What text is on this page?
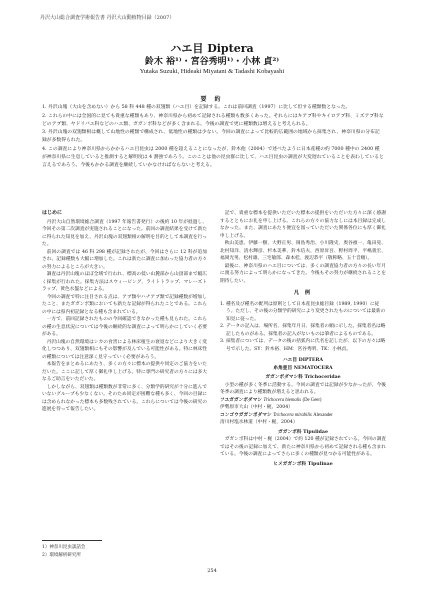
丹沢大山総合調査学術報告書 丹沢大山動植物目録（2007）
ハエ目 Diptera
鈴木 裕¹⁾・宮谷秀明¹⁾・小林 貞²⁾
Yutaka Suzuki, Hideaki Miyatani & Tadashi Kobayashi
要 約

1. 丹沢山塊（大山を含めない）から 58 科 448 種の双翅類（ハエ目）を記録する。これは前回調査（1997）に比して但する種類数となった。

2. これらの中には全国的に見ても貴重な種類もあり、神奈川県から初めて記録される種類も数多くあった。それらにはキアブ科やキイロアブ科、ミズアブ科などのアブ類、ヤドリバエ科などのハエ類、ガガンボ科などが多く含まれる。今後の調査で更に種類数は増えると考えられる。

3. 丹沢山塊の双翅類相は概して山地性の種類で構成され、低地性の種類は少ない。今回の調査によって比較的広範囲の地域から採集され、神奈川県の分布記録が多数得られた。

4. この調査により神奈川県からかかるハエ目昆虫は 2000 種を超えることになったが、鈴木他（2004）で述べたように日本産種の約 7000 種中の 2400 種が神奈川県に生息していると推測すると解明度は 4 割強であろう。このことは他の昆虫群に比して、ハエ目昆虫の調査が大変遅れていることを表わしていると言えるであろう。今後もかかる調査を継続していかなければならないと考える。

はじめに

丹沢大山自然環境総合調査（1997 年報告書発行）の後約 10 年が経過し、今回その第二次調査が実施されることになった。前回の調査結果を受けて新たに得られた知見を加え、丹沢山塊の双翅類相の解明を目的として本調査を行った。

前回の調査では 46 科 298 種が記録されたが、今回はさらに 12 科が追加され、記録種数も大幅に増加した。これは新たに調査に加わった協力者の方々の努力によるところが大きい。

調査は丹沢山塊のほぼ全域で行われ、標高の低い山麓部から山頂部まで幅広く採集が行われた。採集方法はスウィーピング、ライトトラップ、マレーズトラップ、黄色水盤などによる。

今回の調査で特に注目される点は、アブ類やハナアブ類で記録種数が増加したこと、またガガンボ類においても新たな記録が得られたことである。これらの中には県内初記録となる種も含まれている。

一方で、前回記録されたものの今回確認できなかった種も見られた。これらの種の生息状況については今後の継続的な調査によって明らかにしていく必要がある。

丹沢山塊の自然環境はシカの食害による林床植生の衰退などにより大きく変化しつつあり、双翅類相にもその影響が及んでいる可能性がある。特に林床性の種類については注意深く見守っていく必要があろう。

本報告をまとめるにあたり、多くの方々に標本の提供や同定のご協力をいただいた。ここに記して厚く御礼申し上げる。特に専門の研究者の方々には多大なるご助言をいただいた。

しかしながら、双翅類は種類数が非常に多く、分類学的研究が十分に進んでいないグループも少なくない。そのため同定が困難な種も多く、今回の目録には含められなかった標本も多数残されている。これらについては今後の研究の進展を待って報告したい。

記で、貴重な標本を提供いただいた標本の提供をいただいた方々に深く感謝するとともにお礼を申し上げる。これらの方々の協力なしには本目録は完成しなかった。また、調査にあたり便宜を図っていただいた関係各位にも厚く御礼申し上げる。

秋山美恵、伊藤一樹、大野正男、岡島秀治、小川隆史、奥谷禎一、亀田晃、北村知洋、清水輝彦、杉本美華、鈴木信夫、西原昇吾、野村周平、平嶋義宏、福岡光男、松村雄、三宅敏郎、森本桂、渡辺恭平（敬称略、五十音順）。

最後に、神奈川県のハエ目については、多くの調査協力者の方々の長い年月に渡る努力によって明らかになってきた。今後もその努力が継続されることを期待したい。

凡 例
1. 種名及び種名の配列は原則として日本産昆虫総目録（1989, 1990）に従う。ただし、その後の分類学的研究により変更されたものについては最新の知見に従った。
2. データの記入は、場所名、採集年月日、採集者の順に示した。採集者名は略記したものがある。採集者の記入がないものは筆者によるものである。
3. 採集者については、データの後の括弧内に氏名を記したが、以下の方々は略号で示した。SY：鈴木裕、HM：宮谷秀明、TK：小林貞。
ハエ目 DIPTERA
糸角亜目 NEMATOCERA
ガガンボダマシ科 Trichoceridae

小型の種が多く冬季に活動する。今回の調査では記録が少なかったが、今後冬季の調査により種類数が増えると思われる。

フユガガンボダマシ Trichocera hiemalis (De Geer)
伊勢原市大山（中村・梶、2004）
コンゴウガガンボダマシ Trichocera mirabilis Alexander
清川村塩水林道（中村・梶、2004）
ガガンボ科 Tipulidae

ガガンボ科は中村・梶（2004）で約 120 種が記録されている。今回の調査ではその後の記録に加えて、新たに神奈川県から初めて記録される種も含まれている。今後の調査によってさらに多くの種類が見つかる可能性がある。

ヒメガガンボ科 Tipulinae
1）神奈川昆虫談話会
2）環境解析研究所
254
